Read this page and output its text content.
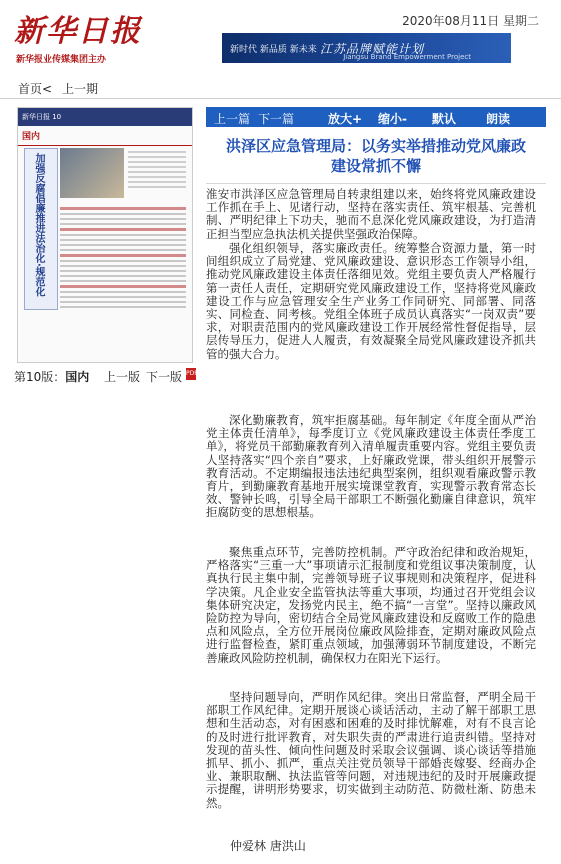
新华日报
新华报业传媒集团主办
2020年08月11日 星期二
新时代 新品质 新未来 江苏品牌赋能计划
Jiangsu Brand Empowerment Project
首页< 上一期
新华日报 10
国内
加强反腐倡廉推进法治化·规范化
第10版：国内 上一版 下一版 PDF
上一篇 下一篇	放大+ 缩小- 默认 朗读
洪泽区应急管理局：以务实举措推动党风廉政
建设常抓不懈

淮安市洪泽区应急管理局自转隶组建以来，始终将党风廉政建设工作抓在手上、见诸行动，坚持在落实责任、筑牢根基、完善机制、严明纪律上下功夫，驰而不息深化党风廉政建设，为打造清正担当型应急执法机关提供坚强政治保障。

强化组织领导，落实廉政责任。统筹整合资源力量，第一时间组织成立了局党建、党风廉政建设、意识形态工作领导小组，推动党风廉政建设主体责任落细见效。党组主要负责人严格履行第一责任人责任，定期研究党风廉政建设工作，坚持将党风廉政建设工作与应急管理安全生产业务工作同研究、同部署、同落实、同检查、同考核。党组全体班子成员认真落实“一岗双责”要求，对职责范围内的党风廉政建设工作开展经常性督促指导，层层传导压力，促进人人履责，有效凝聚全局党风廉政建设齐抓共管的强大合力。

深化勤廉教育，筑牢拒腐基础。每年制定《年度全面从严治党主体责任清单》，每季度订立《党风廉政建设主体责任季度工单》，将党员干部勤廉教育列入清单履责重要内容。党组主要负责人坚持落实“四个亲自”要求，上好廉政党课，带头组织开展警示教育活动。不定期编报违法违纪典型案例，组织观看廉政警示教育片，到勤廉教育基地开展实境课堂教育，实现警示教育常态长效、警钟长鸣，引导全局干部职工不断强化勤廉自律意识，筑牢拒腐防变的思想根基。

聚焦重点环节，完善防控机制。严守政治纪律和政治规矩，严格落实“三重一大”事项请示汇报制度和党组议事决策制度，认真执行民主集中制，完善领导班子议事规则和决策程序，促进科学决策。凡企业安全监管执法等重大事项，均通过召开党组会议集体研究决定，发扬党内民主，绝不搞“一言堂”。坚持以廉政风险防控为导向，密切结合全局党风廉政建设和反腐败工作的隐患点和风险点，全方位开展岗位廉政风险排查，定期对廉政风险点进行监督检查，紧盯重点领域，加强薄弱环节制度建设，不断完善廉政风险防控机制，确保权力在阳光下运行。

坚持问题导向，严明作风纪律。突出日常监督，严明全局干部职工作风纪律。定期开展谈心谈话活动，主动了解干部职工思想和生活动态，对有困惑和困难的及时排忧解难，对有不良言论的及时进行批评教育，对失职失责的严肃进行追责纠错。坚持对发现的苗头性、倾向性问题及时采取会议强调、谈心谈话等措施抓早、抓小、抓严，重点关注党员领导干部婚丧嫁娶、经商办企业、兼职取酬、执法监管等问题，对违规违纪的及时开展廉政提示提醒，讲明形势要求，切实做到主动防范、防微杜渐、防患未然。

仲爱林 唐洪山
